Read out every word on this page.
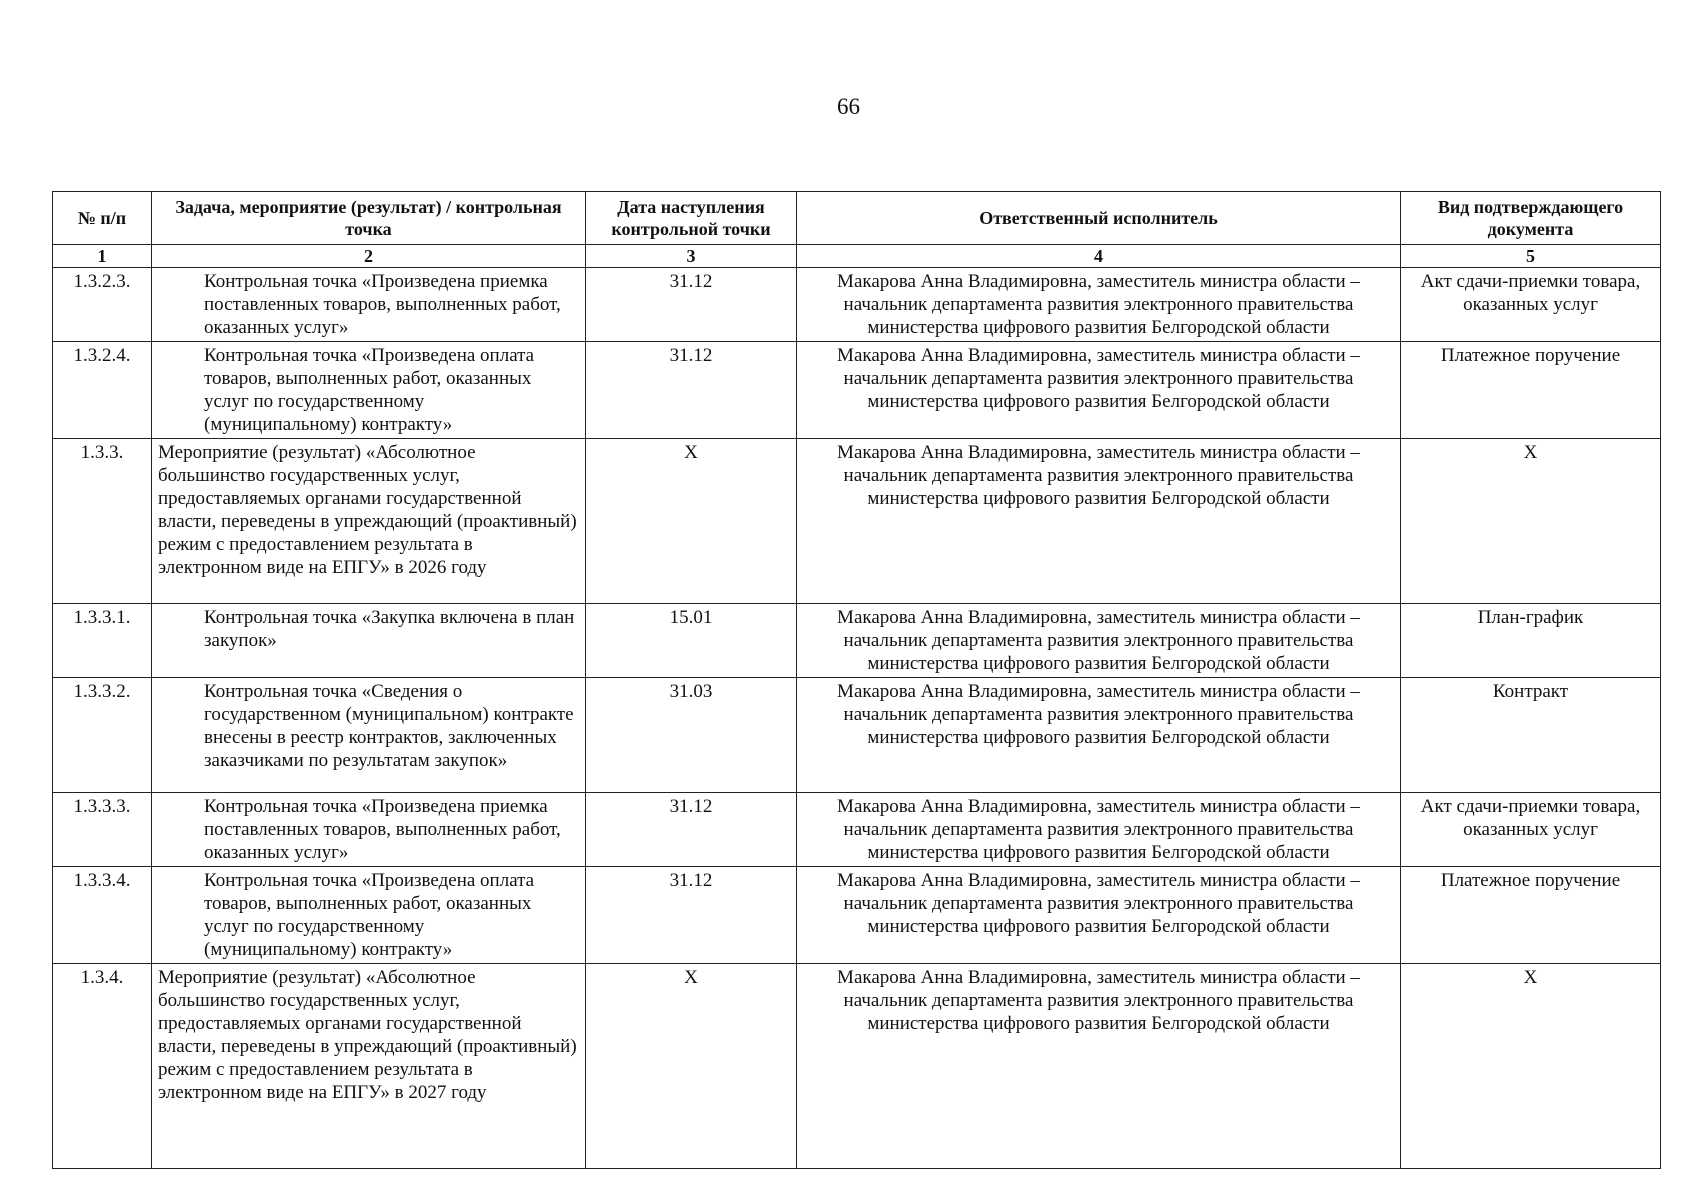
66
№ п/п	Задача, мероприятие (результат) / контрольная точка	Дата наступления контрольной точки	Ответственный исполнитель	Вид подтверждающего документа
1	2	3	4	5
1.3.2.3.	Контрольная точка «Произведена приемка поставленных товаров, выполненных работ, оказанных услуг»	31.12	Макарова Анна Владимировна, заместитель министра области – начальник департамента развития электронного правительства министерства цифрового развития Белгородской области	Акт сдачи-приемки товара, оказанных услуг
1.3.2.4.	Контрольная точка «Произведена оплата товаров, выполненных работ, оказанных услуг по государственному (муниципальному) контракту»	31.12	Макарова Анна Владимировна, заместитель министра области – начальник департамента развития электронного правительства министерства цифрового развития Белгородской области	Платежное поручение
1.3.3.	Мероприятие (результат) «Абсолютное большинство государственных услуг, предоставляемых органами государственной власти, переведены в упреждающий (проактивный) режим с предоставлением результата в электронном виде на ЕПГУ» в 2026 году	Х	Макарова Анна Владимировна, заместитель министра области – начальник департамента развития электронного правительства министерства цифрового развития Белгородской области	Х
1.3.3.1.	Контрольная точка «Закупка включена в план закупок»	15.01	Макарова Анна Владимировна, заместитель министра области – начальник департамента развития электронного правительства министерства цифрового развития Белгородской области	План-график
1.3.3.2.	Контрольная точка «Сведения о государственном (муниципальном) контракте внесены в реестр контрактов, заключенных заказчиками по результатам закупок»	31.03	Макарова Анна Владимировна, заместитель министра области – начальник департамента развития электронного правительства министерства цифрового развития Белгородской области	Контракт
1.3.3.3.	Контрольная точка «Произведена приемка поставленных товаров, выполненных работ, оказанных услуг»	31.12	Макарова Анна Владимировна, заместитель министра области – начальник департамента развития электронного правительства министерства цифрового развития Белгородской области	Акт сдачи-приемки товара, оказанных услуг
1.3.3.4.	Контрольная точка «Произведена оплата товаров, выполненных работ, оказанных услуг по государственному (муниципальному) контракту»	31.12	Макарова Анна Владимировна, заместитель министра области – начальник департамента развития электронного правительства министерства цифрового развития Белгородской области	Платежное поручение
1.3.4.	Мероприятие (результат) «Абсолютное большинство государственных услуг, предоставляемых органами государственной власти, переведены в упреждающий (проактивный) режим с предоставлением результата в электронном виде на ЕПГУ» в 2027 году	Х	Макарова Анна Владимировна, заместитель министра области – начальник департамента развития электронного правительства министерства цифрового развития Белгородской области	Х
